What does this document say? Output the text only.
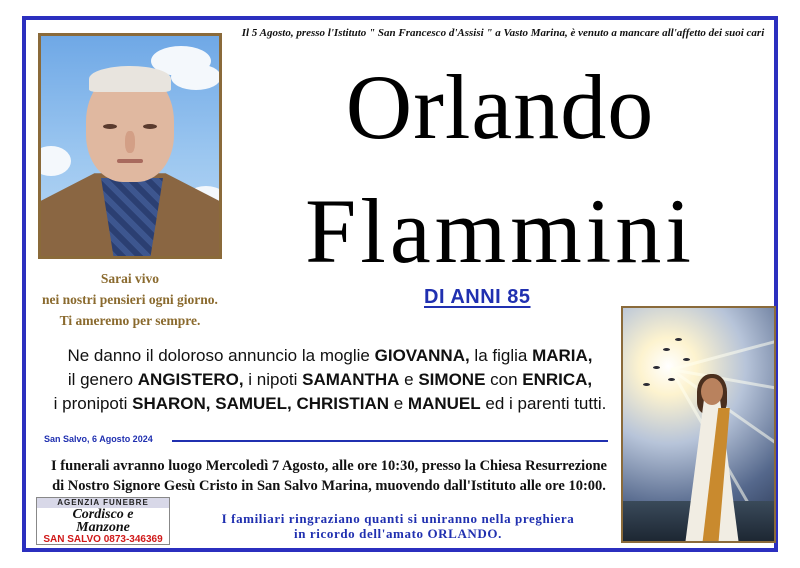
Sarai vivo
nei nostri pensieri ogni giorno.
Ti ameremo per sempre.
Il 5 Agosto, presso l'Istituto " San Francesco d'Assisi " a Vasto Marina, è venuto a mancare all'affetto dei suoi cari
Orlando
Flammini
DI ANNI 85
Ne danno il doloroso annuncio la moglie GIOVANNA, la figlia MARIA,
il genero ANGISTERO, i nipoti SAMANTHA e SIMONE con ENRICA,
i pronipoti SHARON, SAMUEL, CHRISTIAN e MANUEL ed i parenti tutti.
San Salvo, 6 Agosto 2024
I funerali avranno luogo Mercoledì 7 Agosto, alle ore 10:30, presso la Chiesa Resurrezione
di Nostro Signore Gesù Cristo in San Salvo Marina, muovendo dall'Istituto alle ore 10:00.
AGENZIA FUNEBRE
Cordisco e
Manzone
SAN SALVO 0873-346369
I familiari ringraziano quanti si uniranno nella preghiera
in ricordo dell'amato ORLANDO.
